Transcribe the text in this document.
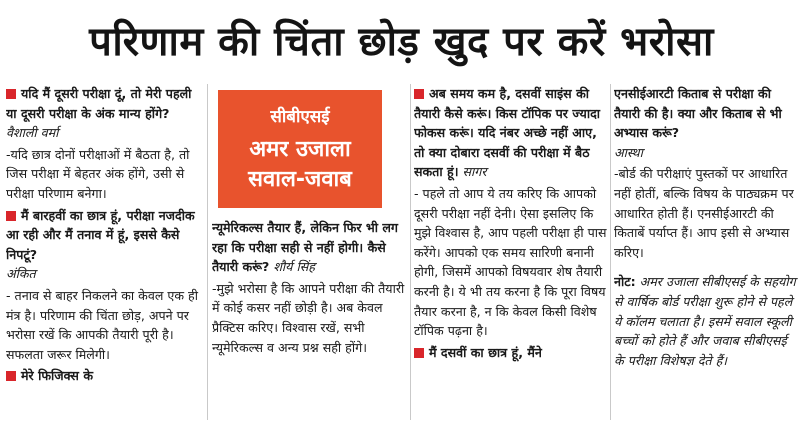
परिणाम की चिंता छोड़ खुद पर करें भरोसा

यदि मैं दूसरी परीक्षा दूं, तो मेरी पहली या दूसरी परीक्षा के अंक मान्य होंगे? वैशाली वर्मा

-यदि छात्र दोनों परीक्षाओं में बैठता है, तो जिस परीक्षा में बेहतर अंक होंगे, उसी से परीक्षा परिणाम बनेगा।

मैं बारहवीं का छात्र हूं, परीक्षा नजदीक आ रही और मैं तनाव में हूं, इससे कैसे निपटूं?
अंकित

- तनाव से बाहर निकलने का केवल एक ही मंत्र है। परिणाम की चिंता छोड़, अपने पर भरोसा रखें कि आपकी तैयारी पूरी है। सफलता जरूर मिलेगी।

मेरे फिजिक्स के

सीबीएसई
अमर उजाला
सवाल-जवाब

न्यूमेरिकल्स तैयार हैं, लेकिन फिर भी लग रहा कि परीक्षा सही से नहीं होगी। कैसे तैयारी करूं? शौर्य सिंह

-मुझे भरोसा है कि आपने परीक्षा की तैयारी में कोई कसर नहीं छोड़ी है। अब केवल प्रैक्टिस करिए। विश्वास रखें, सभी न्यूमेरिकल्स व अन्य प्रश्न सही होंगे।

अब समय कम है, दसवीं साइंस की तैयारी कैसे करूं। किस टॉपिक पर ज्यादा फोकस करूं। यदि नंबर अच्छे नहीं आए, तो क्या दोबारा दसवीं की परीक्षा में बैठ सकता हूं। सागर

- पहले तो आप ये तय करिए कि आपको दूसरी परीक्षा नहीं देनी। ऐसा इसलिए कि मुझे विश्वास है, आप पहली परीक्षा ही पास करेंगे। आपको एक समय सारिणी बनानी होगी, जिसमें आपको विषयवार शेष तैयारी करनी है। ये भी तय करना है कि पूरा विषय तैयार करना है, न कि केवल किसी विशेष टॉपिक पढ़ना है।

मैं दसवीं का छात्र हूं, मैंने

एनसीईआरटी किताब से परीक्षा की तैयारी की है। क्या और किताब से भी अभ्यास करूं?
आस्था

-बोर्ड की परीक्षाएं पुस्तकों पर आधारित नहीं होतीं, बल्कि विषय के पाठ्यक्रम पर आधारित होती हैं। एनसीईआरटी की किताबें पर्याप्त हैं। आप इसी से अभ्यास करिए।

नोट: अमर उजाला सीबीएसई के सहयोग से वार्षिक बोर्ड परीक्षा शुरू होने से पहले ये कॉलम चलाता है। इसमें सवाल स्कूली बच्चों को होते हैं और जवाब सीबीएसई के परीक्षा विशेषज्ञ देते हैं।
